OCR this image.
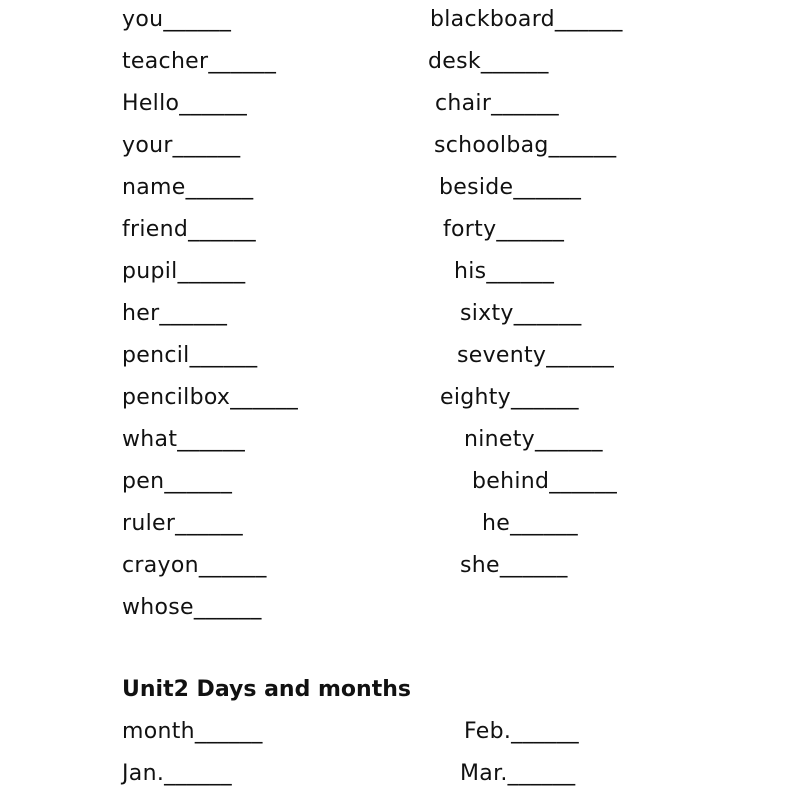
you______
teacher______
Hello______
your______
name______
friend______
pupil______
her______
pencil______
pencilbox______
what______
pen______
ruler______
crayon______
whose______
blackboard______
desk______
chair______
schoolbag______
beside______
forty______
his______
sixty______
seventy______
eighty______
ninety______
behind______
he______
she______
Unit2 Days and months
month______
Jan.______
Feb.______
Mar.______
